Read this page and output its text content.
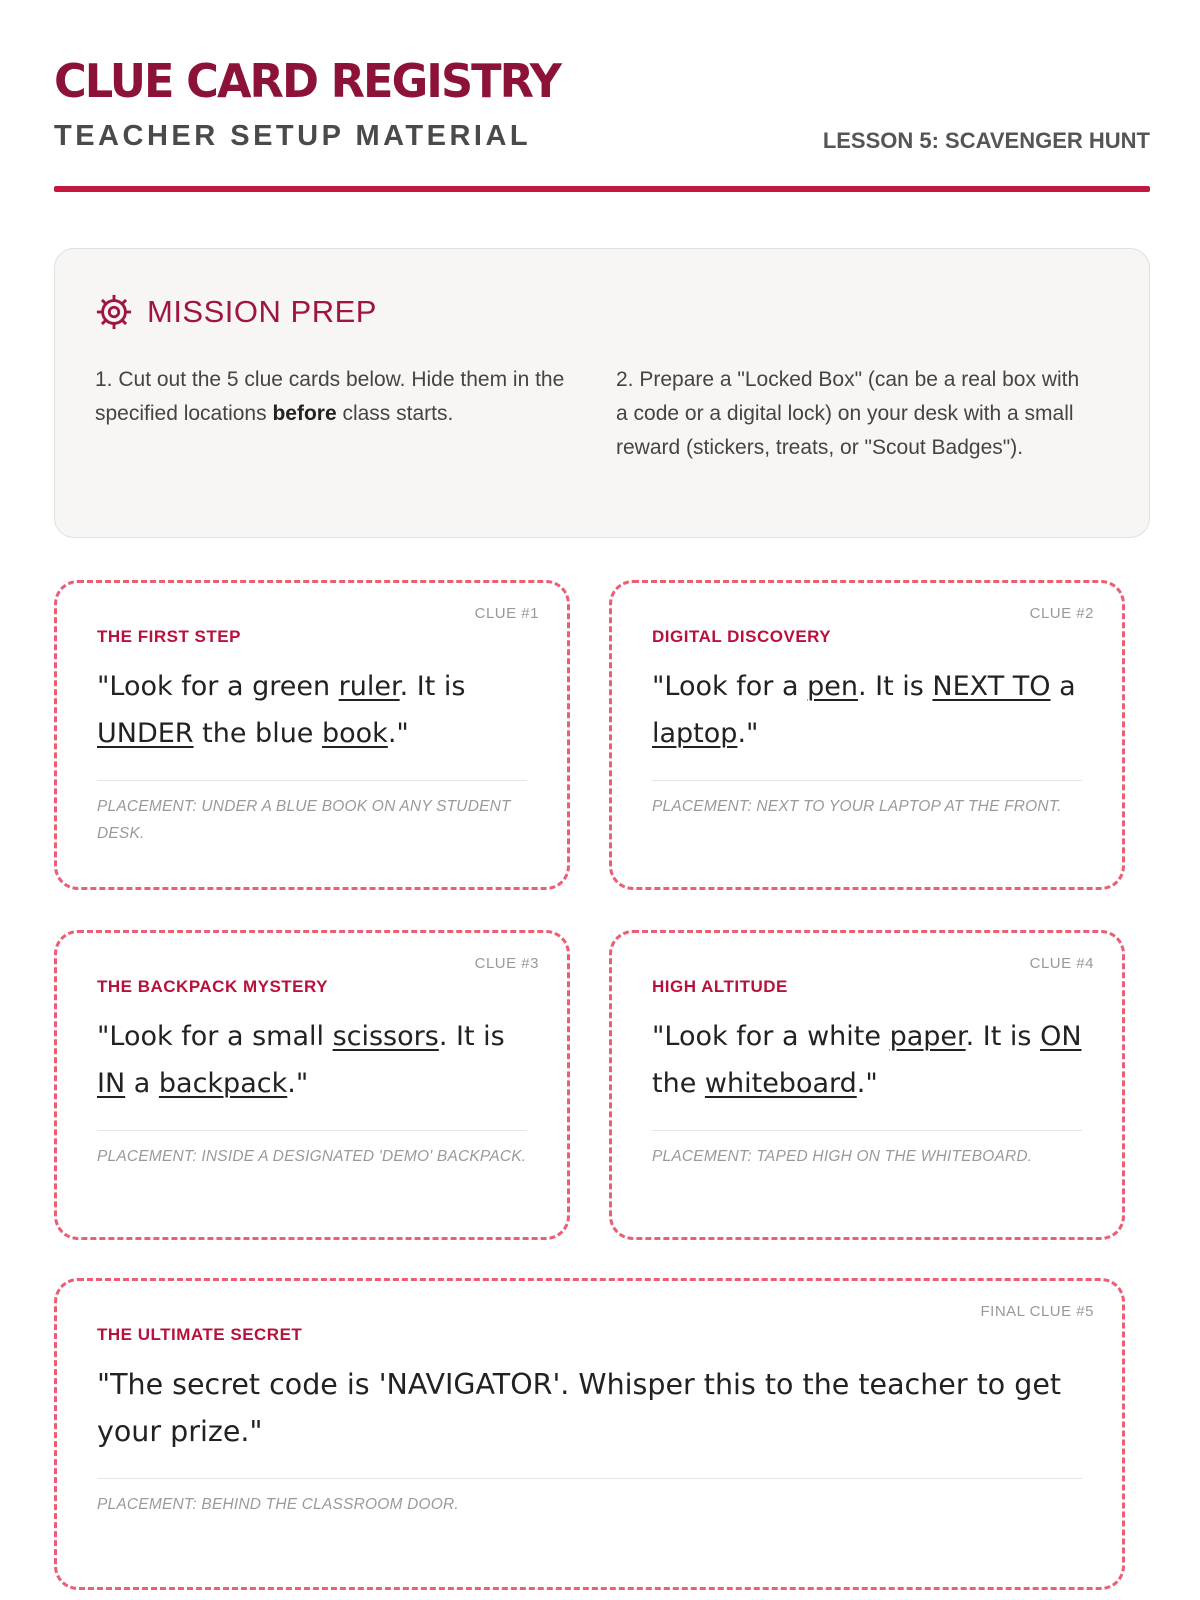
CLUE CARD REGISTRY
TEACHER SETUP MATERIAL	LESSON 5: SCAVENGER HUNT
MISSION PREP
1. Cut out the 5 clue cards below. Hide them in the specified locations before class starts.
2. Prepare a "Locked Box" (can be a real box with a code or a digital lock) on your desk with a small reward (stickers, treats, or "Scout Badges").
CLUE #1
THE FIRST STEP
"Look for a green ruler. It is UNDER the blue book."
PLACEMENT: UNDER A BLUE BOOK ON ANY STUDENT DESK.
CLUE #2
DIGITAL DISCOVERY
"Look for a pen. It is NEXT TO a laptop."
PLACEMENT: NEXT TO YOUR LAPTOP AT THE FRONT.
CLUE #3
THE BACKPACK MYSTERY
"Look for a small scissors. It is IN a backpack."
PLACEMENT: INSIDE A DESIGNATED 'DEMO' BACKPACK.
CLUE #4
HIGH ALTITUDE
"Look for a white paper. It is ON the whiteboard."
PLACEMENT: TAPED HIGH ON THE WHITEBOARD.
FINAL CLUE #5
THE ULTIMATE SECRET
"The secret code is 'NAVIGATOR'. Whisper this to the teacher to get your prize."
PLACEMENT: BEHIND THE CLASSROOM DOOR.
